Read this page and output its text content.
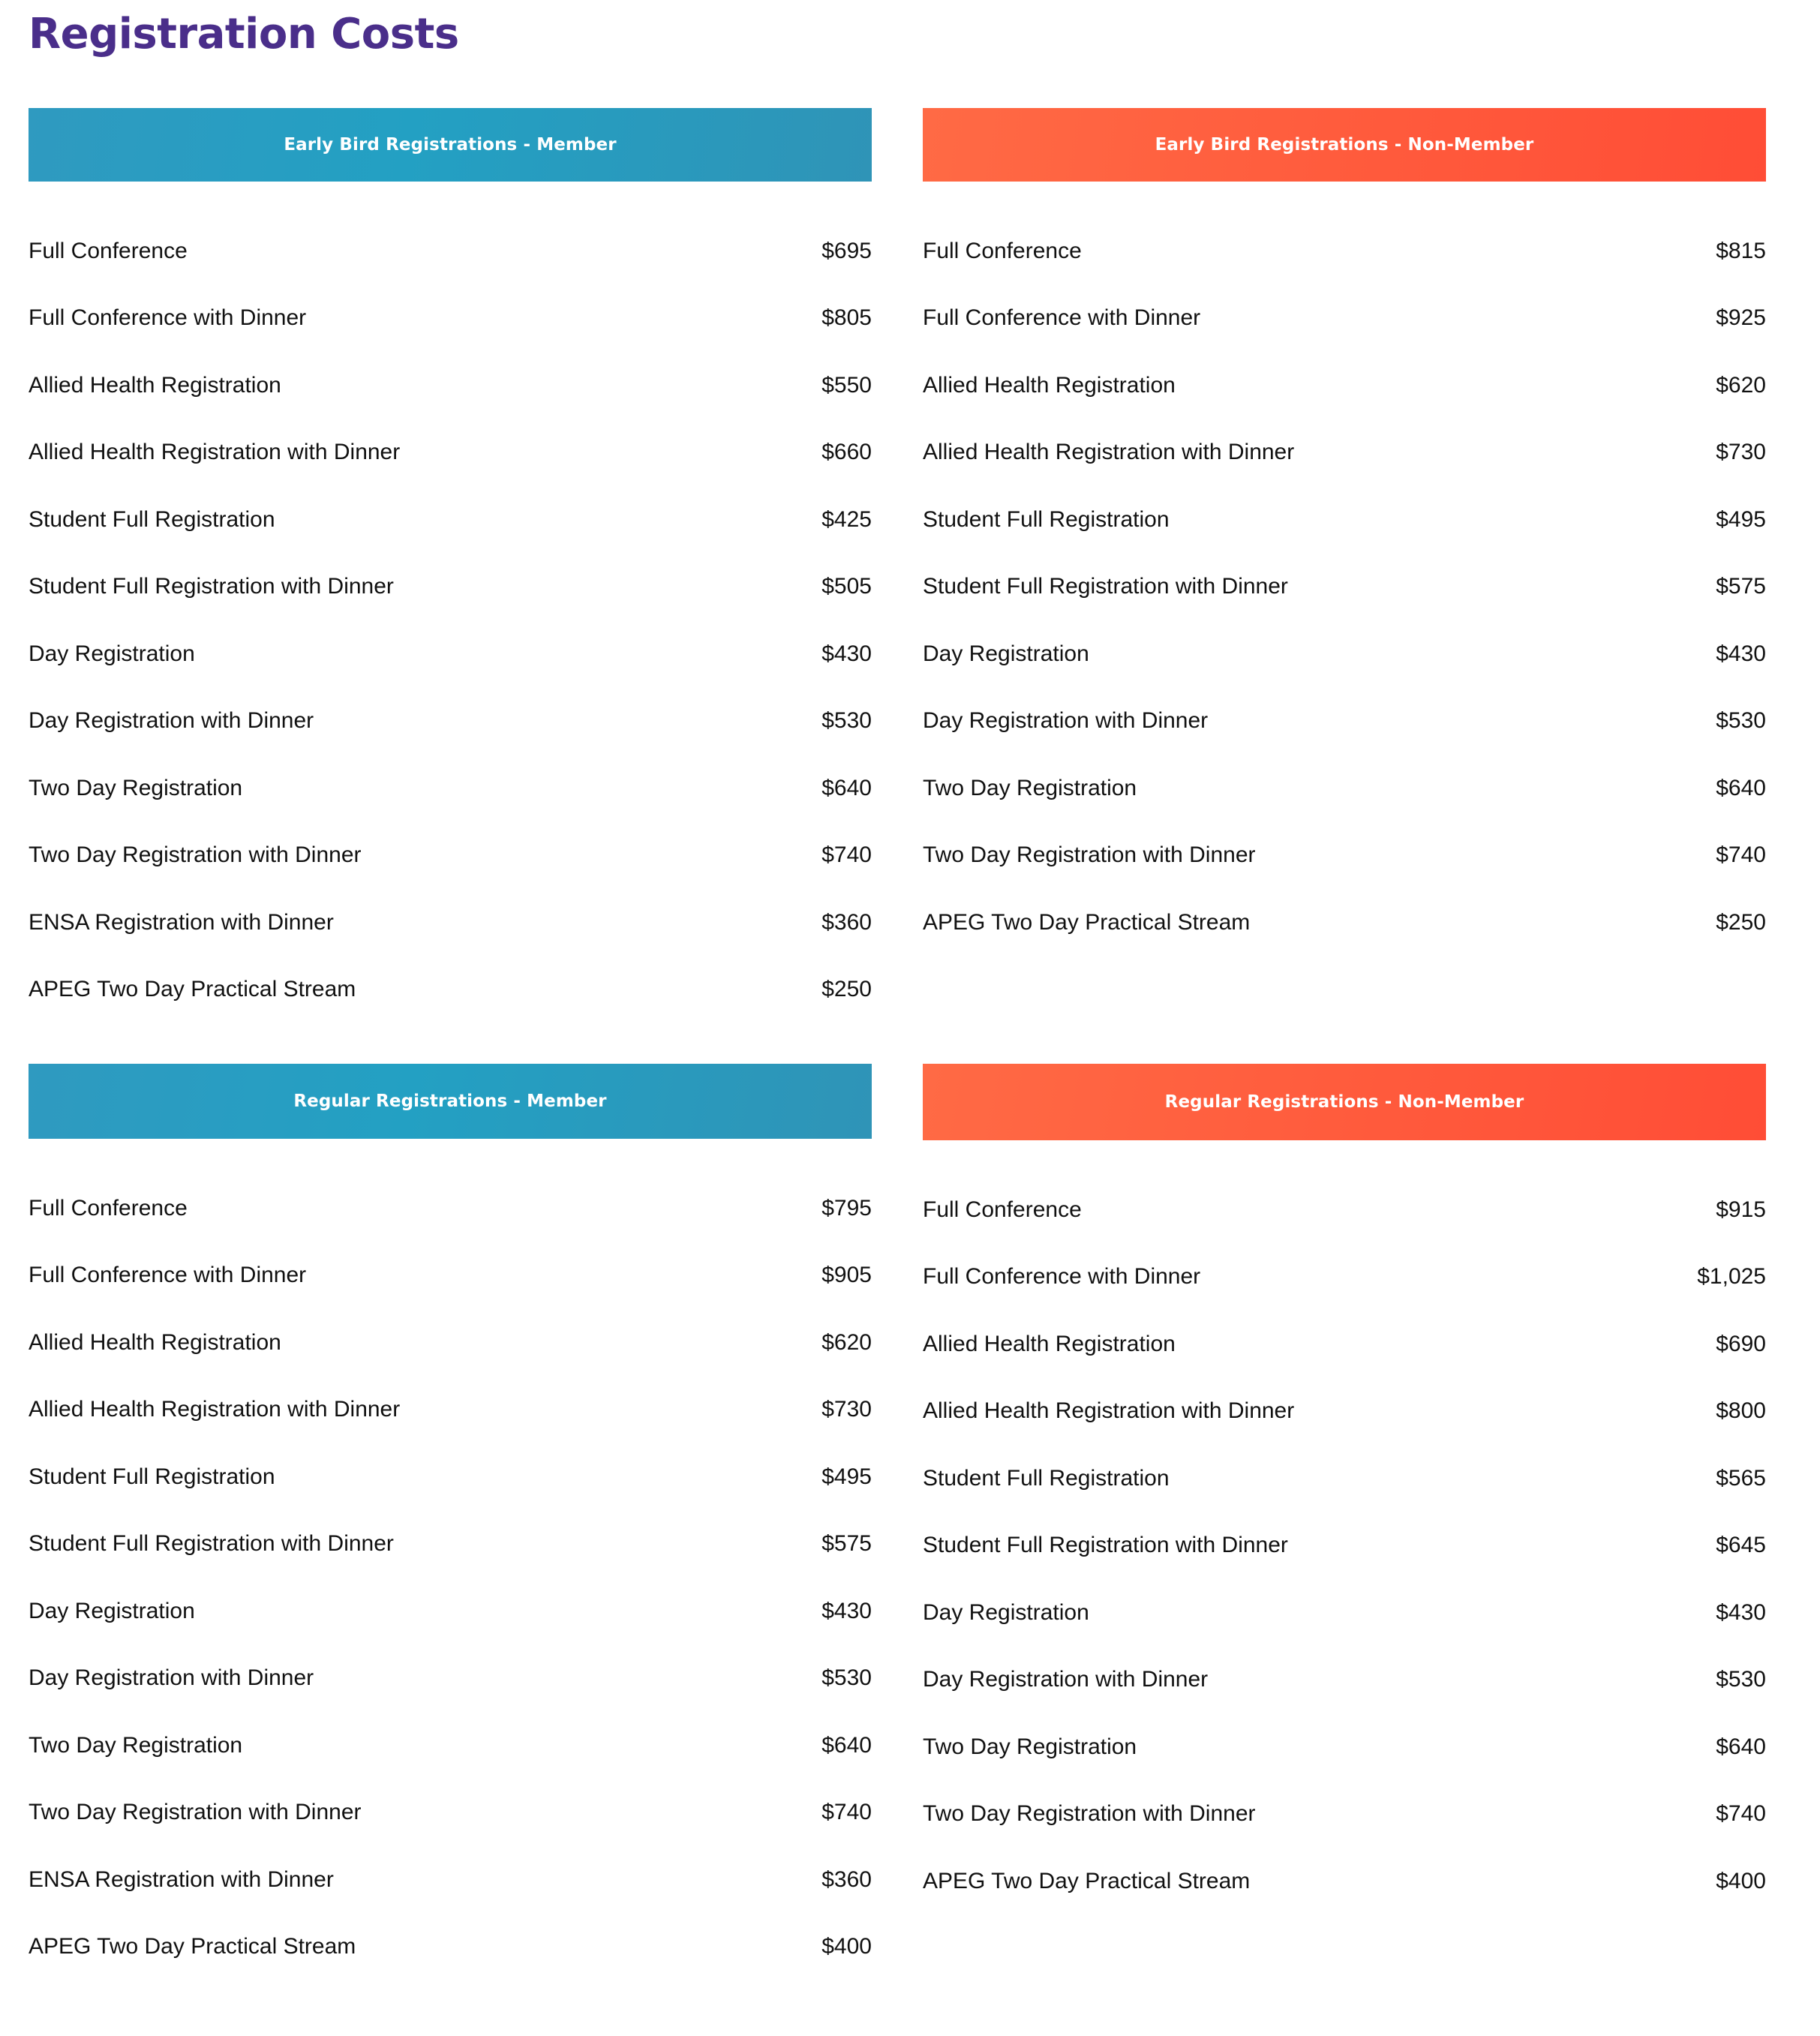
Registration Costs
Early Bird Registrations - Member
Full Conference	$695
Full Conference with Dinner	$805
Allied Health Registration	$550
Allied Health Registration with Dinner	$660
Student Full Registration	$425
Student Full Registration with Dinner	$505
Day Registration	$430
Day Registration with Dinner	$530
Two Day Registration	$640
Two Day Registration with Dinner	$740
ENSA Registration with Dinner	$360
APEG Two Day Practical Stream	$250
Early Bird Registrations - Non-Member
Full Conference	$815
Full Conference with Dinner	$925
Allied Health Registration	$620
Allied Health Registration with Dinner	$730
Student Full Registration	$495
Student Full Registration with Dinner	$575
Day Registration	$430
Day Registration with Dinner	$530
Two Day Registration	$640
Two Day Registration with Dinner	$740
APEG Two Day Practical Stream	$250
Regular Registrations - Member
Full Conference	$795
Full Conference with Dinner	$905
Allied Health Registration	$620
Allied Health Registration with Dinner	$730
Student Full Registration	$495
Student Full Registration with Dinner	$575
Day Registration	$430
Day Registration with Dinner	$530
Two Day Registration	$640
Two Day Registration with Dinner	$740
ENSA Registration with Dinner	$360
APEG Two Day Practical Stream	$400
Regular Registrations - Non-Member
Full Conference	$915
Full Conference with Dinner	$1,025
Allied Health Registration	$690
Allied Health Registration with Dinner	$800
Student Full Registration	$565
Student Full Registration with Dinner	$645
Day Registration	$430
Day Registration with Dinner	$530
Two Day Registration	$640
Two Day Registration with Dinner	$740
APEG Two Day Practical Stream	$400
